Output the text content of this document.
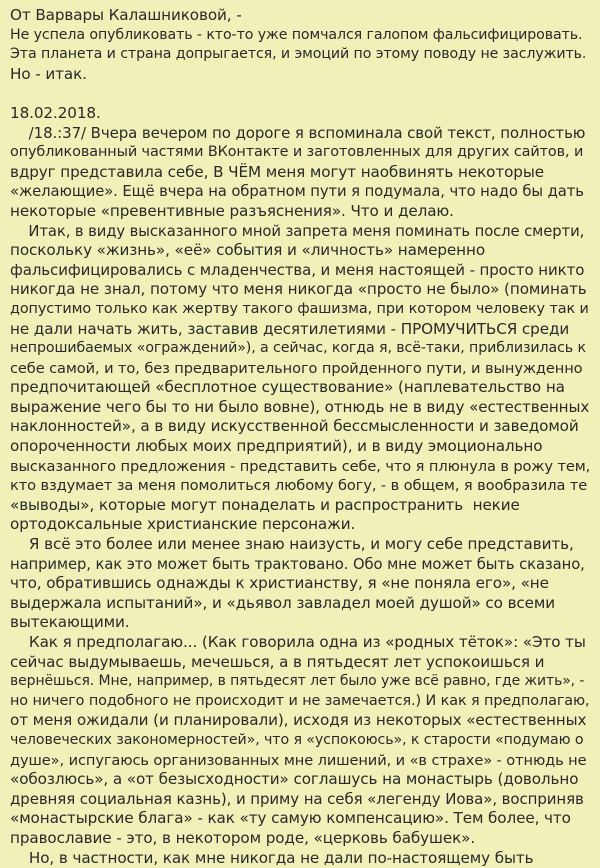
От Варвары Калашниковой, -
Не успела опубликовать - кто-то уже помчался галопом фальсифицировать.
Эта планета и страна допрыгается, и эмоций по этому поводу не заслужить.
Но - итак.
18.02.2018.
/18.:37/ Вчера вечером по дороге я вспоминала свой текст, полностью
опубликованный частями ВКонтакте и заготовленных для других сайтов, и
вдруг представила себе, В ЧЁМ меня могут наобвинять некоторые
«желающие». Ещё вчера на обратном пути я подумала, что надо бы дать
некоторые «превентивные разъяснения». Что и делаю.
Итак, в виду высказанного мной запрета меня поминать после смерти,
поскольку «жизнь», «её» события и «личность» намеренно
фальсифицировались с младенчества, и меня настоящей - просто никто
никогда не знал, потому что меня никогда «просто не было» (поминать
допустимо только как жертву такого фашизма, при котором человеку так и
не дали начать жить, заставив десятилетиями - ПРОМУЧИТЬСЯ среди
непрошибаемых «ограждений»), а сейчас, когда я, всё-таки, приблизилась к
себе самой, и то, без предварительного пройденного пути, и вынужденно
предпочитающей «бесплотное существование» (наплевательство на
выражение чего бы то ни было вовне), отнюдь не в виду «естественных
наклонностей», а в виду искусственной бессмысленности и заведомой
опороченности любых моих предприятий), и в виду эмоционально
высказанного предложения - представить себе, что я плюнула в рожу тем,
кто вздумает за меня помолиться любому богу, - в общем, я вообразила те
«выводы», которые могут понаделать и распространить  некие
ортодоксальные христианские персонажи.
Я всё это более или менее знаю наизусть, и могу себе представить,
например, как это может быть трактовано. Обо мне может быть сказано,
что, обратившись однажды к христианству, я «не поняла его», «не
выдержала испытаний», и «дьявол завладел моей душой» со всеми
вытекающими.
Как я предполагаю... (Как говорила одна из «родных тёток»: «Это ты
сейчас выдумываешь, мечешься, а в пятьдесят лет успокоишься и
вернёшься. Мне, например, в пятьдесят лет было уже всё равно, где жить», -
но ничего подобного не происходит и не замечается.) И как я предполагаю,
от меня ожидали (и планировали), исходя из некоторых «естественных
человеческих закономерностей», что я «успокоюсь», к старости «подумаю о
душе», испугаюсь организованных мне лишений, и «в страхе» - отнюдь не
«обозлюсь», а «от безысходности» соглашусь на монастырь (довольно
древняя социальная казнь), и приму на себя «легенду Иова», восприняв
«монастырские блага» - как «ту самую компенсацию». Тем более, что
православие - это, в некотором роде, «церковь бабушек».
Но, в частности, как мне никогда не дали по-настоящему быть
